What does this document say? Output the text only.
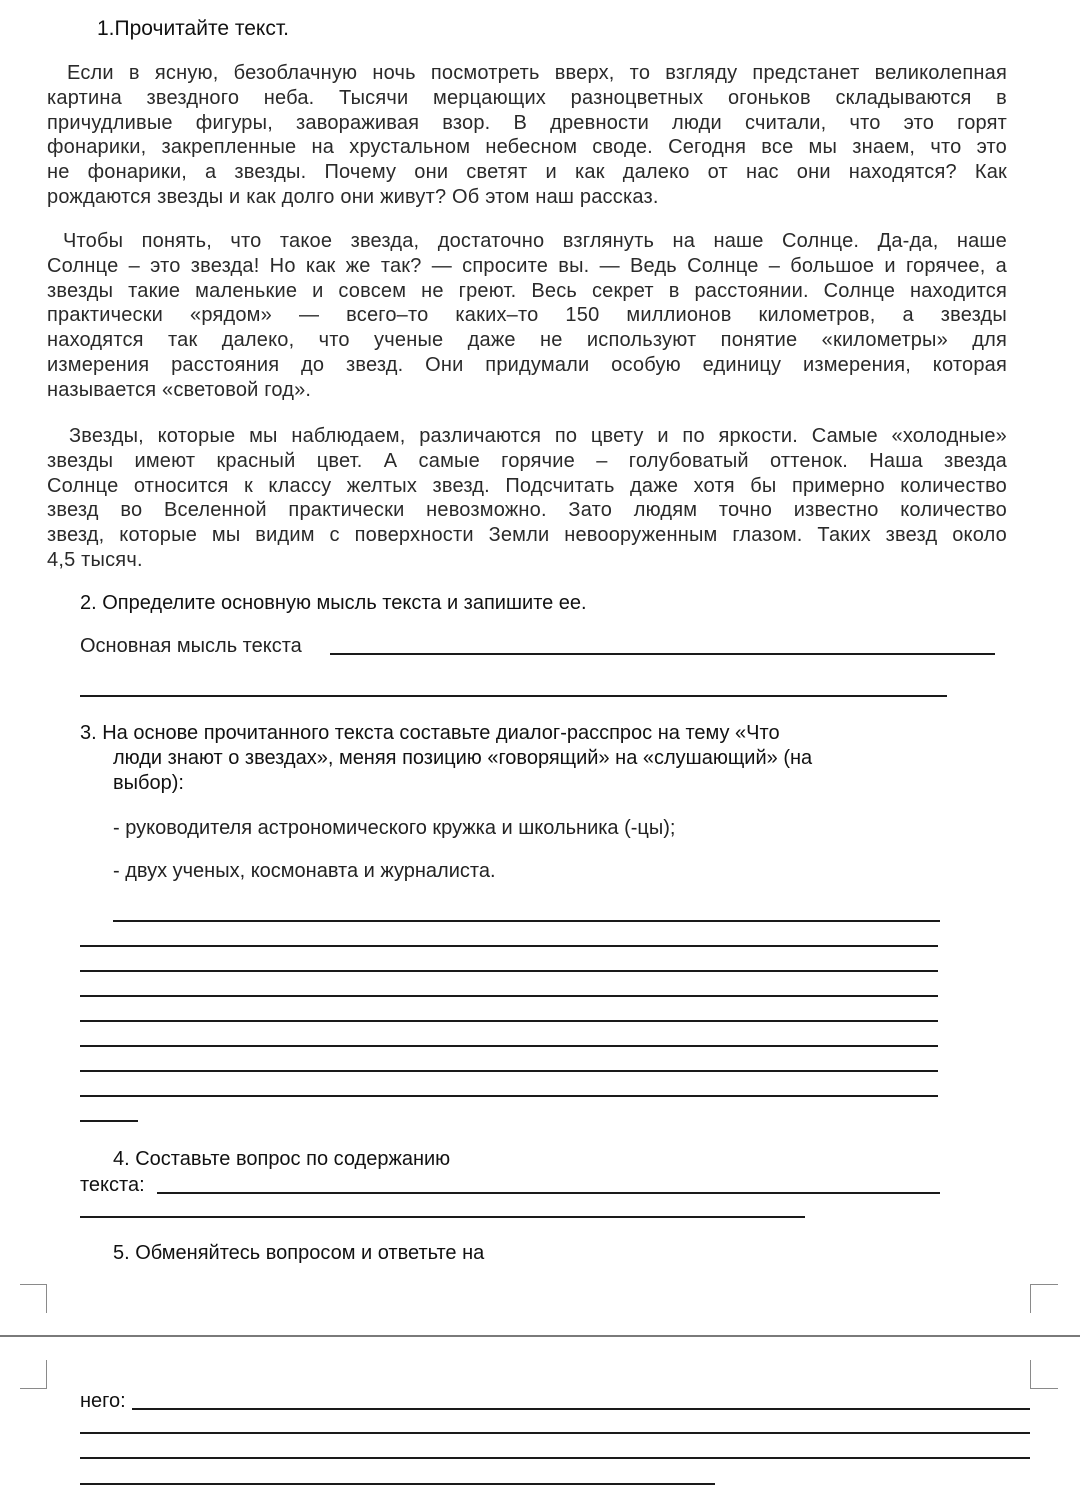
1.Прочитайте текст.
Если в ясную, безоблачную ночь посмотреть вверх, то взгляду предстанет великолепная
картина звездного неба. Тысячи мерцающих разноцветных огоньков складываются в
причудливые фигуры, завораживая взор. В древности люди считали, что это горят
фонарики, закрепленные на хрустальном небесном своде. Сегодня все мы знаем, что это
не фонарики, а звезды. Почему они светят и как далеко от нас они находятся? Как
рождаются звезды и как долго они живут? Об этом наш рассказ.
Чтобы понять, что такое звезда, достаточно взглянуть на наше Солнце. Да-да, наше
Солнце – это звезда! Но как же так? — спросите вы. — Ведь Солнце – большое и горячее, а
звезды такие маленькие и совсем не греют. Весь секрет в расстоянии. Солнце находится
практически «рядом» — всего–то каких–то 150 миллионов километров, а звезды
находятся так далеко, что ученые даже не используют понятие «километры» для
измерения расстояния до звезд. Они придумали особую единицу измерения, которая
называется «световой год».
Звезды, которые мы наблюдаем, различаются по цвету и по яркости. Самые «холодные»
звезды имеют красный цвет. А самые горячие – голубоватый оттенок. Наша звезда
Солнце относится к классу желтых звезд. Подсчитать даже хотя бы примерно количество
звезд во Вселенной практически невозможно. Зато людям точно известно количество
звезд, которые мы видим с поверхности Земли невооруженным глазом. Таких звезд около
4,5 тысяч.
2. Определите основную мысль текста и запишите ее.
Основная мысль текста
3. На основе прочитанного текста составьте диалог-расспрос на тему «Что
люди знают о звездах», меняя позицию «говорящий» на «слушающий» (на
выбор):
- руководителя астрономического кружка и школьника (-цы);
- двух ученых, космонавта и журналиста.
4. Составьте вопрос по содержанию
текста:
5. Обменяйтесь вопросом и ответьте на
него:
